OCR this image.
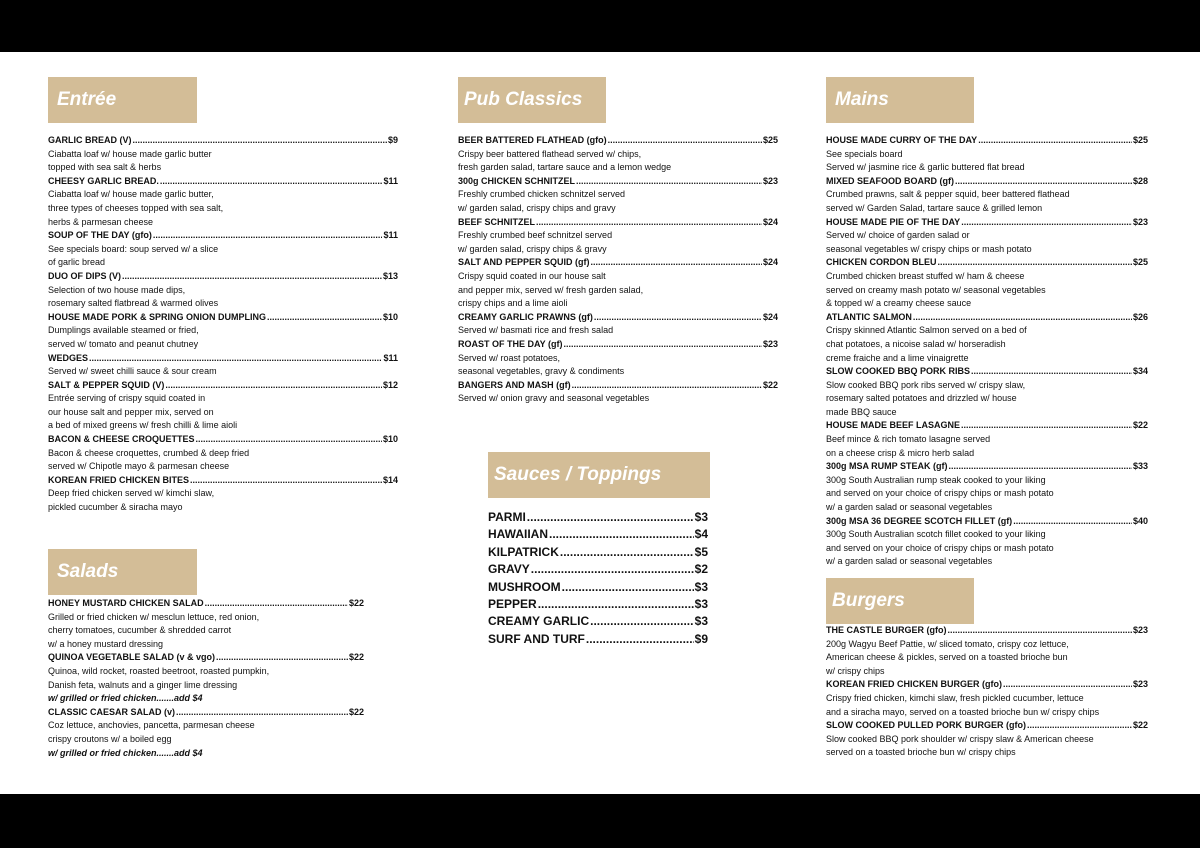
Entrée
GARLIC BREAD (V) .....	$9
Ciabatta loaf w/ house made garlic butter
topped with sea salt & herbs
CHEESY GARLIC BREAD. .....	$11
Ciabatta loaf w/ house made garlic butter,
three types of cheeses topped with sea salt,
herbs & parmesan cheese
SOUP OF THE DAY (gfo) .....	$11
See specials board: soup served w/ a slice
of garlic bread
DUO OF DIPS (V) .....	$13
Selection of two house made dips,
rosemary salted flatbread & warmed olives
HOUSE MADE PORK & SPRING ONION DUMPLING .....	$10
Dumplings available steamed or fried,
served w/ tomato and peanut chutney
WEDGES .....	$11
Served w/ sweet chilli sauce & sour cream
SALT & PEPPER SQUID (V) .....	$12
Entrée serving of crispy squid coated in
our house salt and pepper mix, served on
a bed of mixed greens w/ fresh chilli & lime aioli
BACON & CHEESE CROQUETTES .....	$10
Bacon & cheese croquettes, crumbed & deep fried
served w/ Chipotle mayo & parmesan cheese
KOREAN FRIED CHICKEN BITES .....	$14
Deep fried chicken served w/ kimchi slaw,
pickled cucumber & siracha mayo
Salads
HONEY MUSTARD CHICKEN SALAD .....	$22
Grilled or fried chicken w/ mesclun lettuce, red onion,
cherry tomatoes, cucumber & shredded carrot
w/ a honey mustard dressing
QUINOA VEGETABLE SALAD (v & vgo) .....	$22
Quinoa, wild rocket, roasted beetroot, roasted pumpkin,
Danish feta, walnuts and a ginger lime dressing
w/ grilled or fried chicken.......add $4
CLASSIC CAESAR SALAD (v) .....	$22
Coz lettuce, anchovies, pancetta, parmesan cheese
crispy croutons w/ a boiled egg
w/ grilled or fried chicken.......add $4
Pub Classics
BEER BATTERED FLATHEAD (gfo) .....	$25
Crispy beer battered flathead served w/ chips,
fresh garden salad, tartare sauce and a lemon wedge
300g CHICKEN SCHNITZEL .....	$23
Freshly crumbed chicken schnitzel served
w/ garden salad, crispy chips and gravy
BEEF SCHNITZEL .....	$24
Freshly crumbed beef schnitzel served
w/ garden salad, crispy chips & gravy
SALT AND PEPPER SQUID (gf) .....	$24
Crispy squid coated in our house salt
and pepper mix, served w/ fresh garden salad,
crispy chips and a lime aioli
CREAMY GARLIC PRAWNS (gf) .....	$24
Served w/ basmati rice and fresh salad
ROAST OF THE DAY (gf) .....	$23
Served w/ roast potatoes,
seasonal vegetables, gravy & condiments
BANGERS AND MASH (gf) .....	$22
Served w/ onion gravy and seasonal vegetables
Sauces / Toppings
PARMI .....	$3
HAWAIIAN .....	$4
KILPATRICK .....	$5
GRAVY .....	$2
MUSHROOM .....	$3
PEPPER .....	$3
CREAMY GARLIC .....	$3
SURF AND TURF .....	$9
Mains
HOUSE MADE CURRY OF THE DAY .....	$25
See specials board
Served w/ jasmine rice & garlic buttered flat bread
MIXED SEAFOOD BOARD (gf) .....	$28
Crumbed prawns, salt & pepper squid, beer battered flathead
served w/ Garden Salad, tartare sauce & grilled lemon
HOUSE MADE PIE OF THE DAY .....	$23
Served w/ choice of garden salad or
seasonal vegetables w/ crispy chips or mash potato
CHICKEN CORDON BLEU .....	$25
Crumbed chicken breast stuffed w/ ham & cheese
served on creamy mash potato w/ seasonal vegetables
& topped w/ a creamy cheese sauce
ATLANTIC SALMON .....	$26
Crispy skinned Atlantic Salmon served on a bed of
chat potatoes, a nicoise salad w/ horseradish
creme fraiche and a lime vinaigrette
SLOW COOKED BBQ PORK RIBS .....	$34
Slow cooked BBQ pork ribs served w/ crispy slaw,
rosemary salted potatoes and drizzled w/ house
made BBQ sauce
HOUSE MADE BEEF LASAGNE .....	$22
Beef mince & rich tomato lasagne served
on a cheese crisp & micro herb salad
300g MSA RUMP STEAK (gf) .....	$33
300g South Australian rump steak cooked to your liking
and served on your choice of crispy chips or mash potato
w/ a garden salad or seasonal vegetables
300g MSA 36 DEGREE SCOTCH FILLET (gf) .....	$40
300g South Australian scotch fillet cooked to your liking
and served on your choice of crispy chips or mash potato
w/ a garden salad or seasonal vegetables
Burgers
THE CASTLE BURGER (gfo) .....	$23
200g Wagyu Beef Pattie, w/ sliced tomato, crispy coz lettuce,
American cheese & pickles, served on a toasted brioche bun
w/ crispy chips
KOREAN FRIED CHICKEN BURGER (gfo) .....	$23
Crispy fried chicken, kimchi slaw, fresh pickled cucumber, lettuce
and a siracha mayo, served on a toasted brioche bun w/ crispy chips
SLOW COOKED PULLED PORK BURGER (gfo) .....	$22
Slow cooked BBQ pork shoulder w/ crispy slaw & American cheese
served on a toasted brioche bun w/ crispy chips
